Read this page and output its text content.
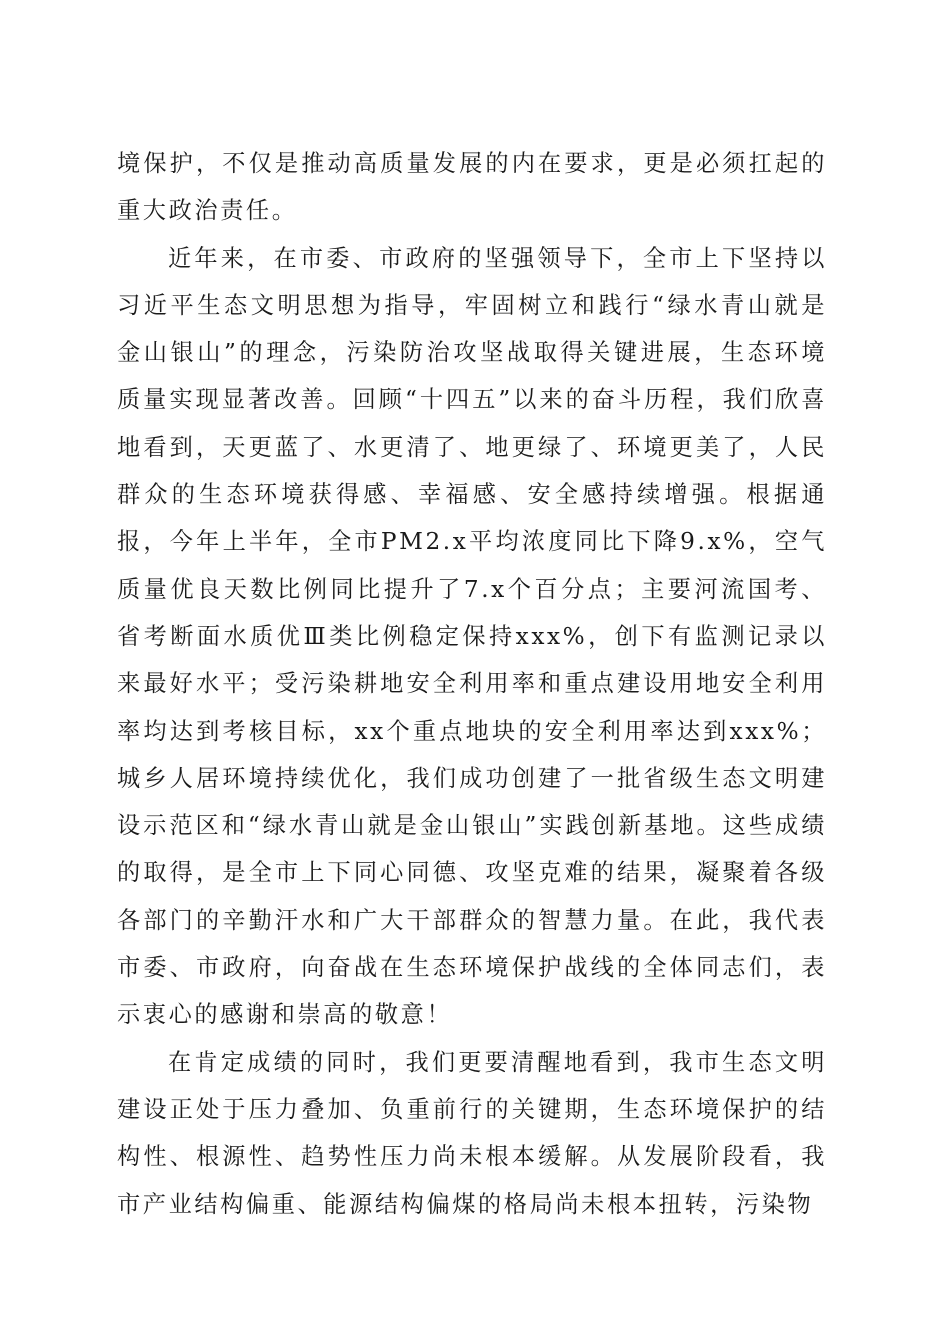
境保护，不仅是推动高质量发展的内在要求，更是必须扛起的重大政治责任。

近年来，在市委、市政府的坚强领导下，全市上下坚持以习近平生态文明思想为指导，牢固树立和践行“绿水青山就是金山银山”的理念，污染防治攻坚战取得关键进展，生态环境质量实现显著改善。回顾“十四五”以来的奋斗历程，我们欣喜地看到，天更蓝了、水更清了、地更绿了、环境更美了，人民群众的生态环境获得感、幸福感、安全感持续增强。根据通报，今年上半年，全市PM2.x平均浓度同比下降9.x%，空气质量优良天数比例同比提升了7.x个百分点；主要河流国考、省考断面水质优Ⅲ类比例稳定保持xxx%，创下有监测记录以来最好水平；受污染耕地安全利用率和重点建设用地安全利用率均达到考核目标，xx个重点地块的安全利用率达到xxx%；城乡人居环境持续优化，我们成功创建了一批省级生态文明建设示范区和“绿水青山就是金山银山”实践创新基地。这些成绩的取得，是全市上下同心同德、攻坚克难的结果，凝聚着各级各部门的辛勤汗水和广大干部群众的智慧力量。在此，我代表市委、市政府，向奋战在生态环境保护战线的全体同志们，表示衷心的感谢和崇高的敬意！

在肯定成绩的同时，我们更要清醒地看到，我市生态文明建设正处于压力叠加、负重前行的关键期，生态环境保护的结构性、根源性、趋势性压力尚未根本缓解。从发展阶段看，我市产业结构偏重、能源结构偏煤的格局尚未根本扭转，污染物
